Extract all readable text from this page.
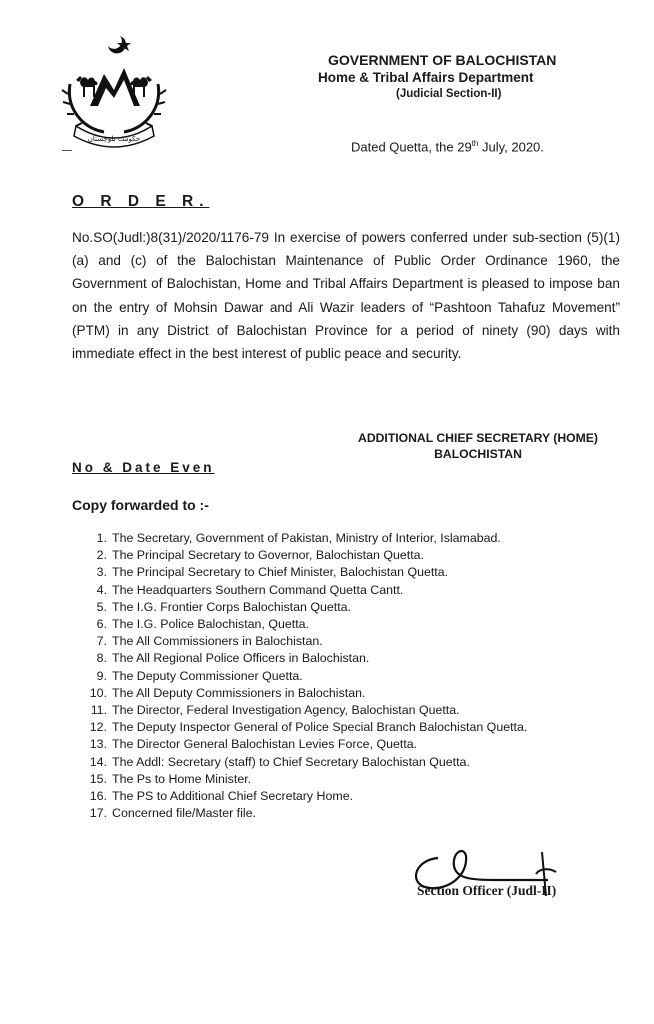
حکومت بلوچستان
GOVERNMENT OF BALOCHISTAN
Home & Tribal Affairs Department
(Judicial Section-II)
Dated Quetta, the 29th July, 2020.
O R D E R.
No.SO(Judl:)8(31)/2020/1176-79 In exercise of powers conferred under sub-section (5)(1)(a) and (c) of the Balochistan Maintenance of Public Order Ordinance 1960, the Government of Balochistan, Home and Tribal Affairs Department is pleased to impose ban on the entry of Mohsin Dawar and Ali Wazir leaders of “Pashtoon Tahafuz Movement” (PTM) in any District of Balochistan Province for a period of ninety (90) days with immediate effect in the best interest of public peace and security.
ADDITIONAL CHIEF SECRETARY (HOME)
BALOCHISTAN
No & Date Even
Copy forwarded to :-
1. The Secretary, Government of Pakistan, Ministry of Interior, Islamabad.
2. The Principal Secretary to Governor, Balochistan Quetta.
3. The Principal Secretary to Chief Minister, Balochistan Quetta.
4. The Headquarters Southern Command Quetta Cantt.
5. The I.G. Frontier Corps Balochistan Quetta.
6. The I.G. Police Balochistan, Quetta.
7. The All Commissioners in Balochistan.
8. The All Regional Police Officers in Balochistan.
9. The Deputy Commissioner Quetta.
10. The All Deputy Commissioners in Balochistan.
11. The Director, Federal Investigation Agency, Balochistan Quetta.
12. The Deputy Inspector General of Police Special Branch Balochistan Quetta.
13. The Director General Balochistan Levies Force, Quetta.
14. The Addl: Secretary (staff) to Chief Secretary Balochistan Quetta.
15. The Ps to Home Minister.
16. The PS to Additional Chief Secretary Home.
17. Concerned file/Master file.
Section Officer (Judl-II)
